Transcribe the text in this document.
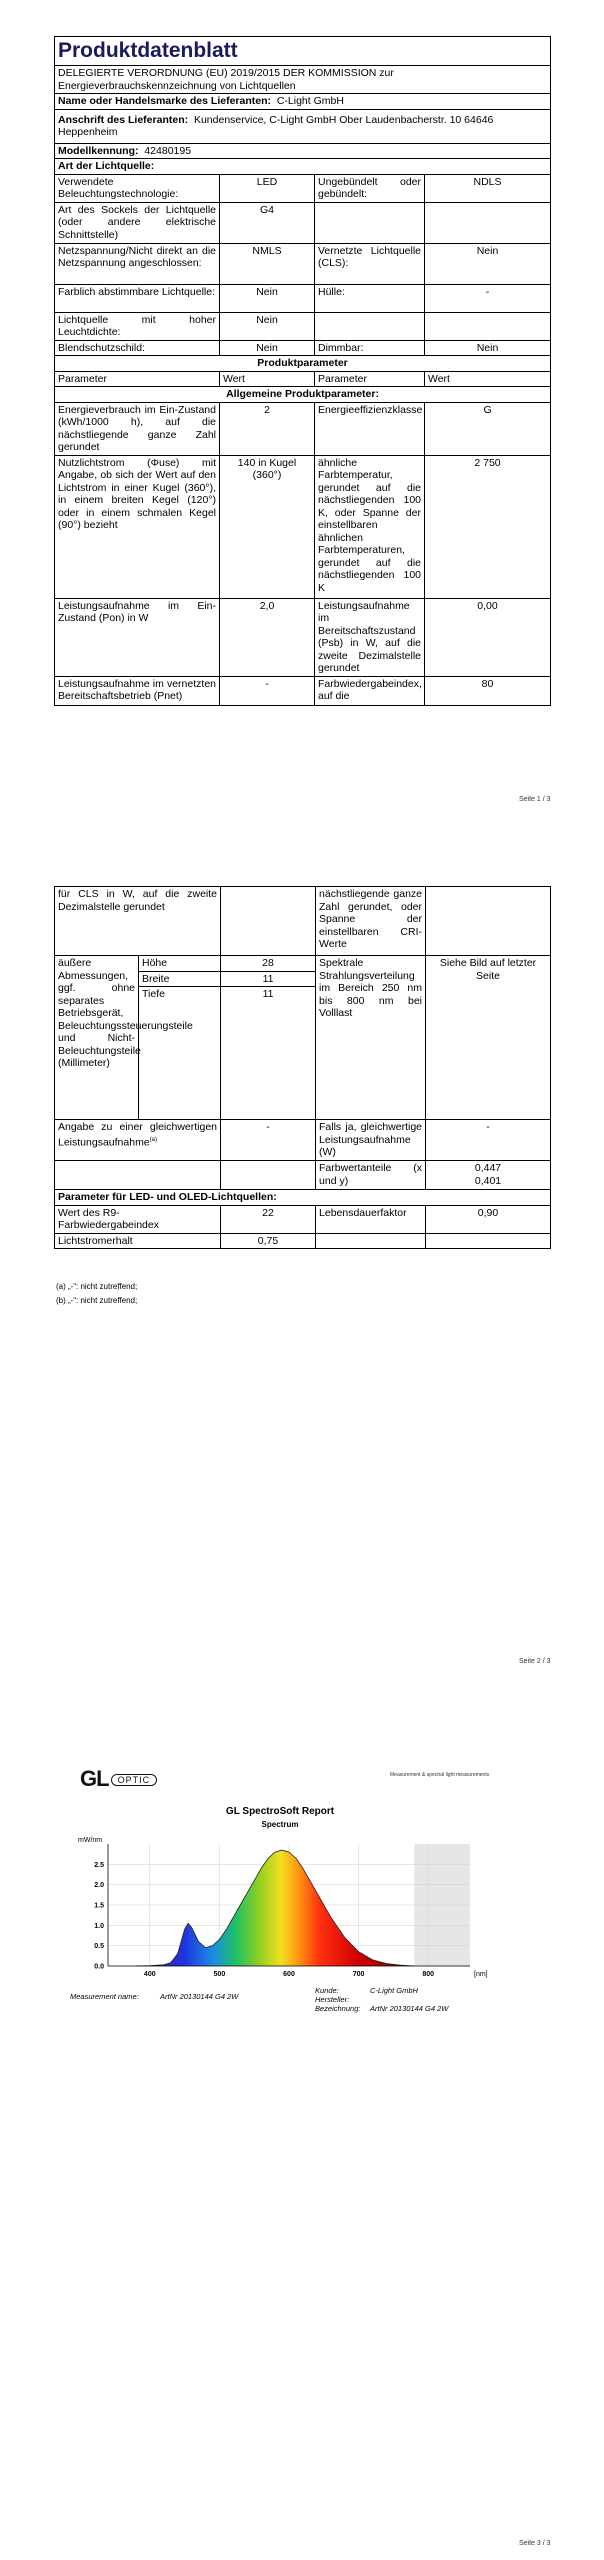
Produktdatenblatt			
DELEGIERTE VERORDNUNG (EU) 2019/2015 DER KOMMISSION zur Energieverbrauchskennzeichnung von Lichtquellen			
Name oder Handelsmarke des Lieferanten: C-Light GmbH			
Anschrift des Lieferanten: Kundenservice, C-Light GmbH Ober Laudenbacherstr. 10 64646 Heppenheim			
Modellkennung: 42480195			
Art der Lichtquelle:			
Verwendete Beleuchtungstechnologie:	LED	Ungebündelt oder gebündelt:	NDLS
Art des Sockels der Lichtquelle (oder andere elektrische Schnittstelle)	G4		
Netzspannung/Nicht direkt an die Netzspannung angeschlossen:	NMLS	Vernetzte Lichtquelle (CLS):	Nein
Farblich abstimmbare Lichtquelle:	Nein	Hülle:	-
Lichtquelle mit hoher Leuchtdichte:	Nein		
Blendschutzschild:	Nein	Dimmbar:	Nein
Produktparameter			
Parameter	Wert	Parameter	Wert
Allgemeine Produktparameter:			
Energieverbrauch im Ein-Zustand (kWh/1000 h), auf die nächstliegende ganze Zahl gerundet	2	Energieeffizienzklasse	G
Nutzlichtstrom (Φuse) mit Angabe, ob sich der Wert auf den Lichtstrom in einer Kugel (360°), in einem breiten Kegel (120°) oder in einem schmalen Kegel (90°) bezieht	140 in Kugel (360°)	ähnliche Farbtemperatur, gerundet auf die nächstliegenden 100 K, oder Spanne der einstellbaren ähnlichen Farbtemperaturen, gerundet auf die nächstliegenden 100 K	2 750
Leistungsaufnahme im Ein-Zustand (Pon) in W	2,0	Leistungsaufnahme im Bereitschaftszustand (Psb) in W, auf die zweite Dezimalstelle gerundet	0,00
Leistungsaufnahme im vernetzten Bereitschaftsbetrieb (Pnet)	-	Farbwiedergabeindex, auf die	80
Seite 1 / 3
für CLS in W, auf die zweite Dezimalstelle gerundet			nächstliegende ganze Zahl gerundet, oder Spanne der einstellbaren CRI-Werte	
äußere Abmessungen, ggf. ohne separates Betriebsgerät, Beleuchtungssteuerungsteile und Nicht-Beleuchtungsteile (Millimeter)	Höhe	28	Spektrale Strahlungsverteilung im Bereich 250 nm bis 800 nm bei Volllast	Siehe Bild auf letzter Seite
	Breite	11		
	Tiefe	11		
Angabe zu einer gleichwertigen Leistungsaufnahme$^{(a)}$		-	Falls ja, gleichwertige Leistungsaufnahme (W)	-
			Farbwertanteile (x und y)	0,447
0,401

Parameter für LED- und OLED-Lichtquellen:				
Wert des R9-Farbwiedergabeindex		22	Lebensdauerfaktor	0,90
Lichtstromerhalt		0,75		
(a) „-“: nicht zutreffend;
(b) „-“: nicht zutreffend;
Seite 2 / 3
GL OPTIC
Measurement & spectral light measurements
GL SpectroSoft Report
Spectrum
0.0
0.5
1.0
1.5
2.0
2.5
400	500	600	700	800
mW/nm
[nm]
Measurement name:	ArtNr 20130144 G4 2W
Kunde:	C-Light GmbH
Hersteller:
Bezeichnung: ArtNr 20130144 G4 2W
Seite 3 / 3
